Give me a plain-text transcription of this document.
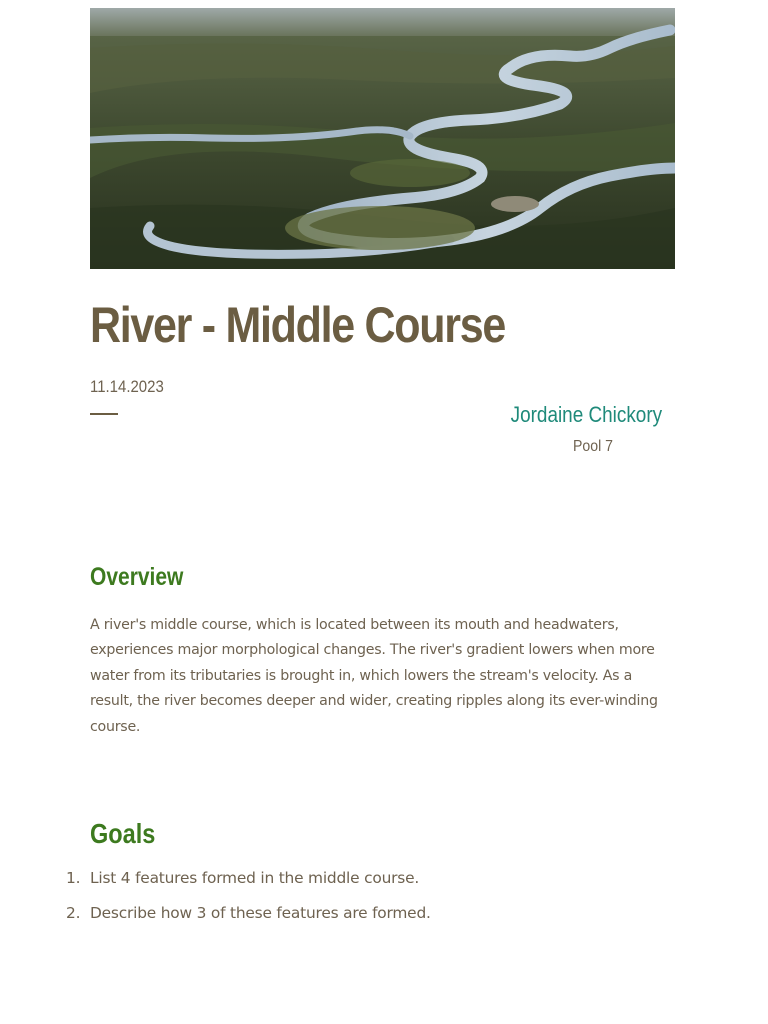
River - Middle Course
11.14.2023
Jordaine Chickory
Pool 7
Overview

A river's middle course, which is located between its mouth and headwaters, experiences major morphological changes. The river's gradient lowers when more water from its tributaries is brought in, which lowers the stream's velocity. As a result, the river becomes deeper and wider, creating ripples along its ever-winding course.

Goals
1. List 4 features formed in the middle course.
2. Describe how 3 of these features are formed.
